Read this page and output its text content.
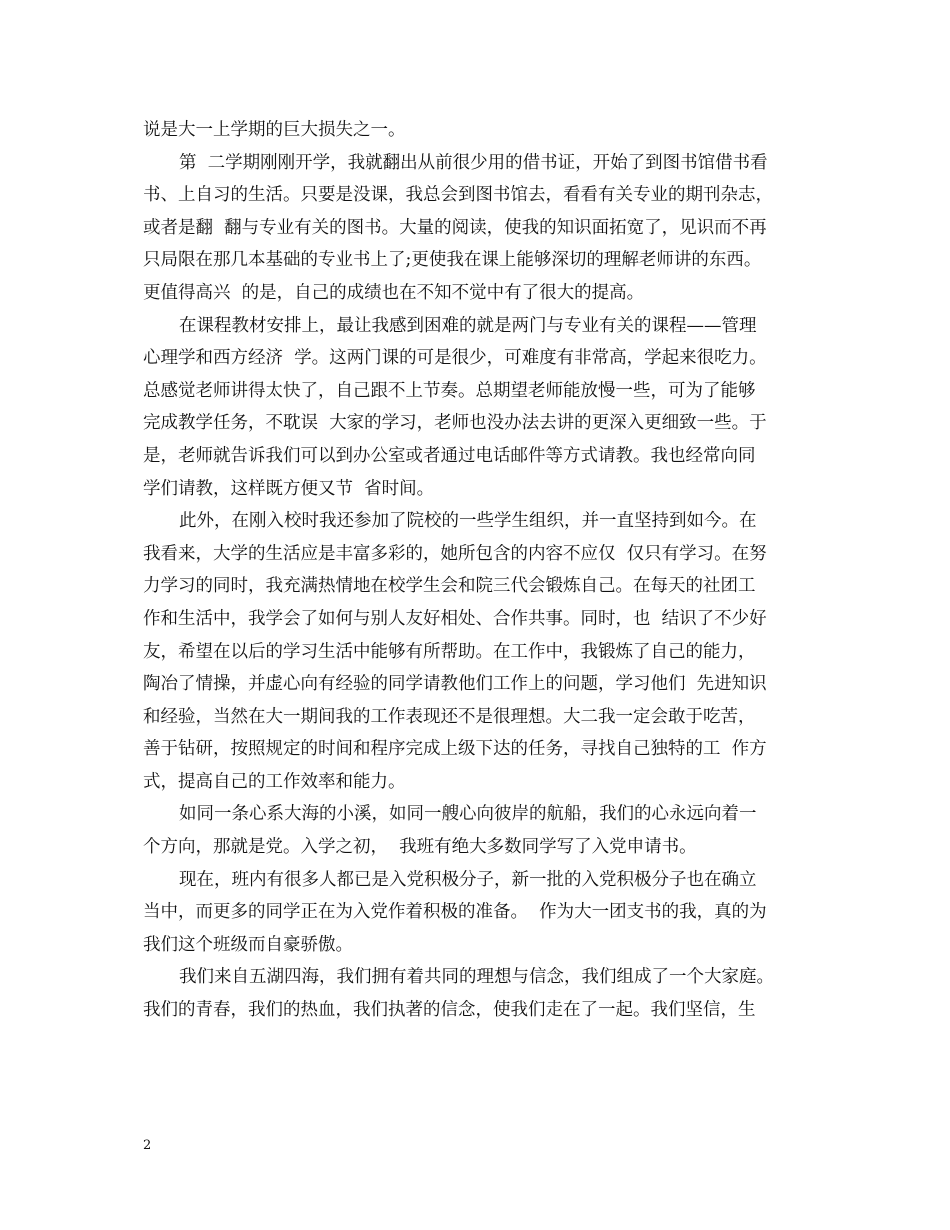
说是大一上学期的巨大损失之一。
第  二学期刚刚开学，我就翻出从前很少用的借书证，开始了到图书馆借书看
书、上自习的生活。只要是没课，我总会到图书馆去，看看有关专业的期刊杂志，
或者是翻  翻与专业有关的图书。大量的阅读，使我的知识面拓宽了，见识而不再
只局限在那几本基础的专业书上了;更使我在课上能够深切的理解老师讲的东西。
更值得高兴  的是，自己的成绩也在不知不觉中有了很大的提高。
在课程教材安排上，最让我感到困难的就是两门与专业有关的课程——管理
心理学和西方经济  学。这两门课的可是很少，可难度有非常高，学起来很吃力。
总感觉老师讲得太快了，自己跟不上节奏。总期望老师能放慢一些，可为了能够
完成教学任务，不耽误  大家的学习，老师也没办法去讲的更深入更细致一些。于
是，老师就告诉我们可以到办公室或者通过电话邮件等方式请教。我也经常向同
学们请教，这样既方便又节  省时间。
此外，在刚入校时我还参加了院校的一些学生组织，并一直坚持到如今。在
我看来，大学的生活应是丰富多彩的，她所包含的内容不应仅  仅只有学习。在努
力学习的同时，我充满热情地在校学生会和院三代会锻炼自己。在每天的社团工
作和生活中，我学会了如何与别人友好相处、合作共事。同时，也  结识了不少好
友，希望在以后的学习生活中能够有所帮助。在工作中，我锻炼了自己的能力，
陶冶了情操，并虚心向有经验的同学请教他们工作上的问题，学习他们  先进知识
和经验，当然在大一期间我的工作表现还不是很理想。大二我一定会敢于吃苦，
善于钻研，按照规定的时间和程序完成上级下达的任务，寻找自己独特的工  作方
式，提高自己的工作效率和能力。
如同一条心系大海的小溪，如同一艘心向彼岸的航船，我们的心永远向着一
个方向，那就是党。入学之初，  我班有绝大多数同学写了入党申请书。
现在，班内有很多人都已是入党积极分子，新一批的入党积极分子也在确立
当中，而更多的同学正在为入党作着积极的准备。  作为大一团支书的我，真的为
我们这个班级而自豪骄傲。
我们来自五湖四海，我们拥有着共同的理想与信念，我们组成了一个大家庭。
我们的青春，我们的热血，我们执著的信念，使我们走在了一起。我们坚信，生
2
